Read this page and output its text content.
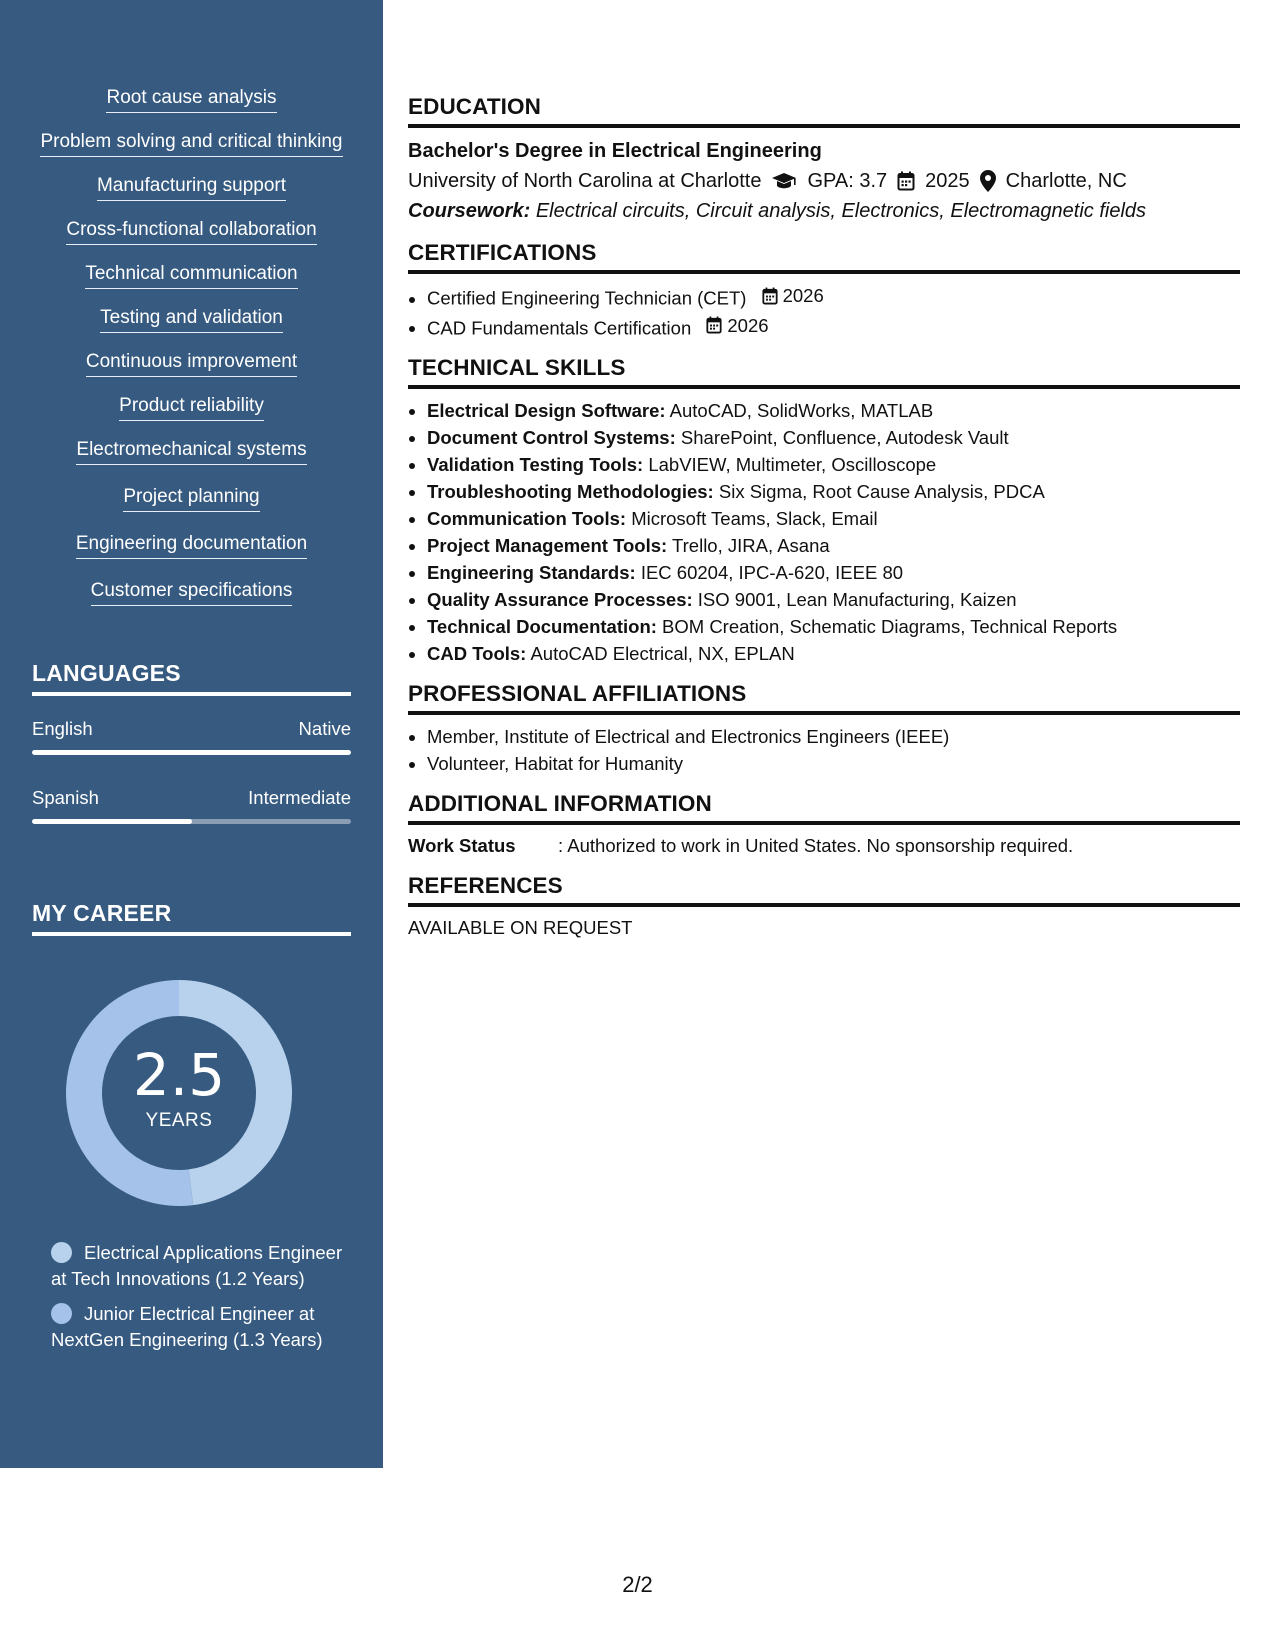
Root cause analysis
Problem solving and critical thinking
Manufacturing support
Cross-functional collaboration
Technical communication
Testing and validation
Continuous improvement
Product reliability
Electromechanical systems
Project planning
Engineering documentation
Customer specifications
LANGUAGES
English	Native
Spanish	Intermediate
MY CAREER
2.5
YEARS
Electrical Applications Engineer at Tech Innovations (1.2 Years)
Junior Electrical Engineer at NextGen Engineering (1.3 Years)
EDUCATION
Bachelor's Degree in Electrical Engineering
University of North Carolina at Charlotte GPA: 3.7 2025 Charlotte, NC
Coursework: Electrical circuits, Circuit analysis, Electronics, Electromagnetic fields
CERTIFICATIONS
• Certified Engineering Technician (CET) 2026
• CAD Fundamentals Certification 2026
TECHNICAL SKILLS
• Electrical Design Software: AutoCAD, SolidWorks, MATLAB
• Document Control Systems: SharePoint, Confluence, Autodesk Vault
• Validation Testing Tools: LabVIEW, Multimeter, Oscilloscope
• Troubleshooting Methodologies: Six Sigma, Root Cause Analysis, PDCA
• Communication Tools: Microsoft Teams, Slack, Email
• Project Management Tools: Trello, JIRA, Asana
• Engineering Standards: IEC 60204, IPC-A-620, IEEE 80
• Quality Assurance Processes: ISO 9001, Lean Manufacturing, Kaizen
• Technical Documentation: BOM Creation, Schematic Diagrams, Technical Reports
• CAD Tools: AutoCAD Electrical, NX, EPLAN
PROFESSIONAL AFFILIATIONS
• Member, Institute of Electrical and Electronics Engineers (IEEE)
• Volunteer, Habitat for Humanity
ADDITIONAL INFORMATION
Work Status	: Authorized to work in United States. No sponsorship required.
REFERENCES
AVAILABLE ON REQUEST
2/2
